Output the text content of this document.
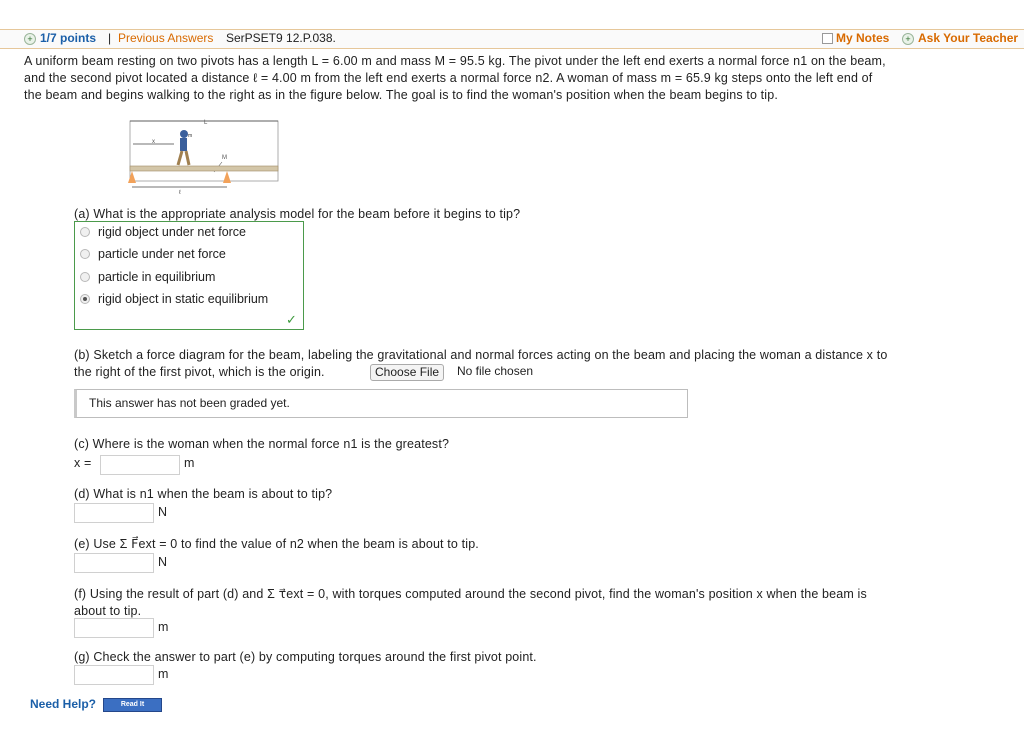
+ 1/7 points | Previous Answers SerPSET9 12.P.038.	My Notes	+ Ask Your Teacher
A uniform beam resting on two pivots has a length L = 6.00 m and mass M = 95.5 kg. The pivot under the left end exerts a normal force n1 on the beam,
and the second pivot located a distance ℓ = 4.00 m from the left end exerts a normal force n2. A woman of mass m = 65.9 kg steps onto the left end of
the beam and begins walking to the right as in the figure below. The goal is to find the woman's position when the beam begins to tip.
L
x
m
M
ℓ
(a) What is the appropriate analysis model for the beam before it begins to tip?
rigid object under net force
particle under net force
particle in equilibrium
rigid object in static equilibrium
✓
(b) Sketch a force diagram for the beam, labeling the gravitational and normal forces acting on the beam and placing the woman a distance x to
the right of the first pivot, which is the origin.	Choose File	No file chosen
This answer has not been graded yet.
(c) Where is the woman when the normal force n1 is the greatest?
x =	m
(d) What is n1 when the beam is about to tip?
N
(e) Use Σ F⃗ext = 0 to find the value of n2 when the beam is about to tip.
N
(f) Using the result of part (d) and Σ τ⃗ext = 0, with torques computed around the second pivot, find the woman's position x when the beam is
about to tip.
m
(g) Check the answer to part (e) by computing torques around the first pivot point.
m
Need Help?	Read It
